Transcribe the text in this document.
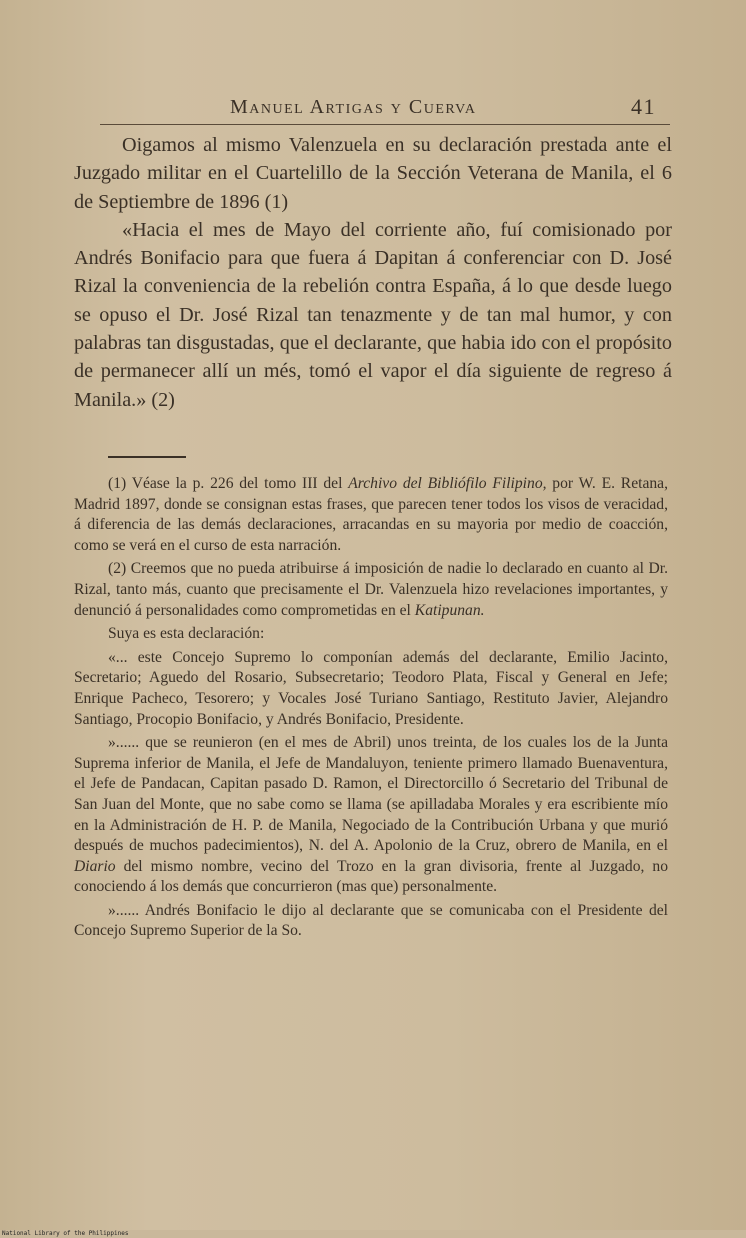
Manuel Artigas y Cuerva	41

Oigamos al mismo Valenzuela en su declaración prestada ante el Juzgado militar en el Cuartelillo de la Sección Veterana de Manila, el 6 de Septiembre de 1896 (1)

«Hacia el mes de Mayo del corriente año, fuí comisionado por Andrés Bonifacio para que fuera á Dapitan á conferenciar con D. José Rizal la conveniencia de la rebelión contra España, á lo que desde luego se opuso el Dr. José Rizal tan tenazmente y de tan mal humor, y con palabras tan disgustadas, que el declarante, que habia ido con el propósito de permanecer allí un més, tomó el vapor el día siguiente de regreso á Manila.» (2)

(1) Véase la p. 226 del tomo III del Archivo del Bibliófilo Filipino, por W. E. Retana, Madrid 1897, donde se consignan estas frases, que parecen tener todos los visos de veracidad, á diferencia de las demás declaraciones, arracandas en su mayoria por medio de coacción, como se verá en el curso de esta narración.

(2) Creemos que no pueda atribuirse á imposición de nadie lo declarado en cuanto al Dr. Rizal, tanto más, cuanto que precisamente el Dr. Valenzuela hizo revelaciones importantes, y denunció á personalidades como comprometidas en el Katipunan.

Suya es esta declaración:

«... este Concejo Supremo lo componían además del declarante, Emilio Jacinto, Secretario; Aguedo del Rosario, Subsecretario; Teodoro Plata, Fiscal y General en Jefe; Enrique Pacheco, Tesorero; y Vocales José Turiano Santiago, Restituto Javier, Alejandro Santiago, Procopio Bonifacio, y Andrés Bonifacio, Presidente.

»...... que se reunieron (en el mes de Abril) unos treinta, de los cuales los de la Junta Suprema inferior de Manila, el Jefe de Mandaluyon, teniente primero llamado Buenaventura, el Jefe de Pandacan, Capitan pasado D. Ramon, el Directorcillo ó Secretario del Tribunal de San Juan del Monte, que no sabe como se llama (se apilladaba Morales y era escribiente mío en la Administración de H. P. de Manila, Negociado de la Contribución Urbana y que murió después de muchos padecimientos), N. del A. Apolonio de la Cruz, obrero de Manila, en el Diario del mismo nombre, vecino del Trozo en la gran divisoria, frente al Juzgado, no conociendo á los demás que concurrieron (mas que) personalmente.

»...... Andrés Bonifacio le dijo al declarante que se comunicaba con el Presidente del Concejo Supremo Superior de la So.

National Library of the Philippines
